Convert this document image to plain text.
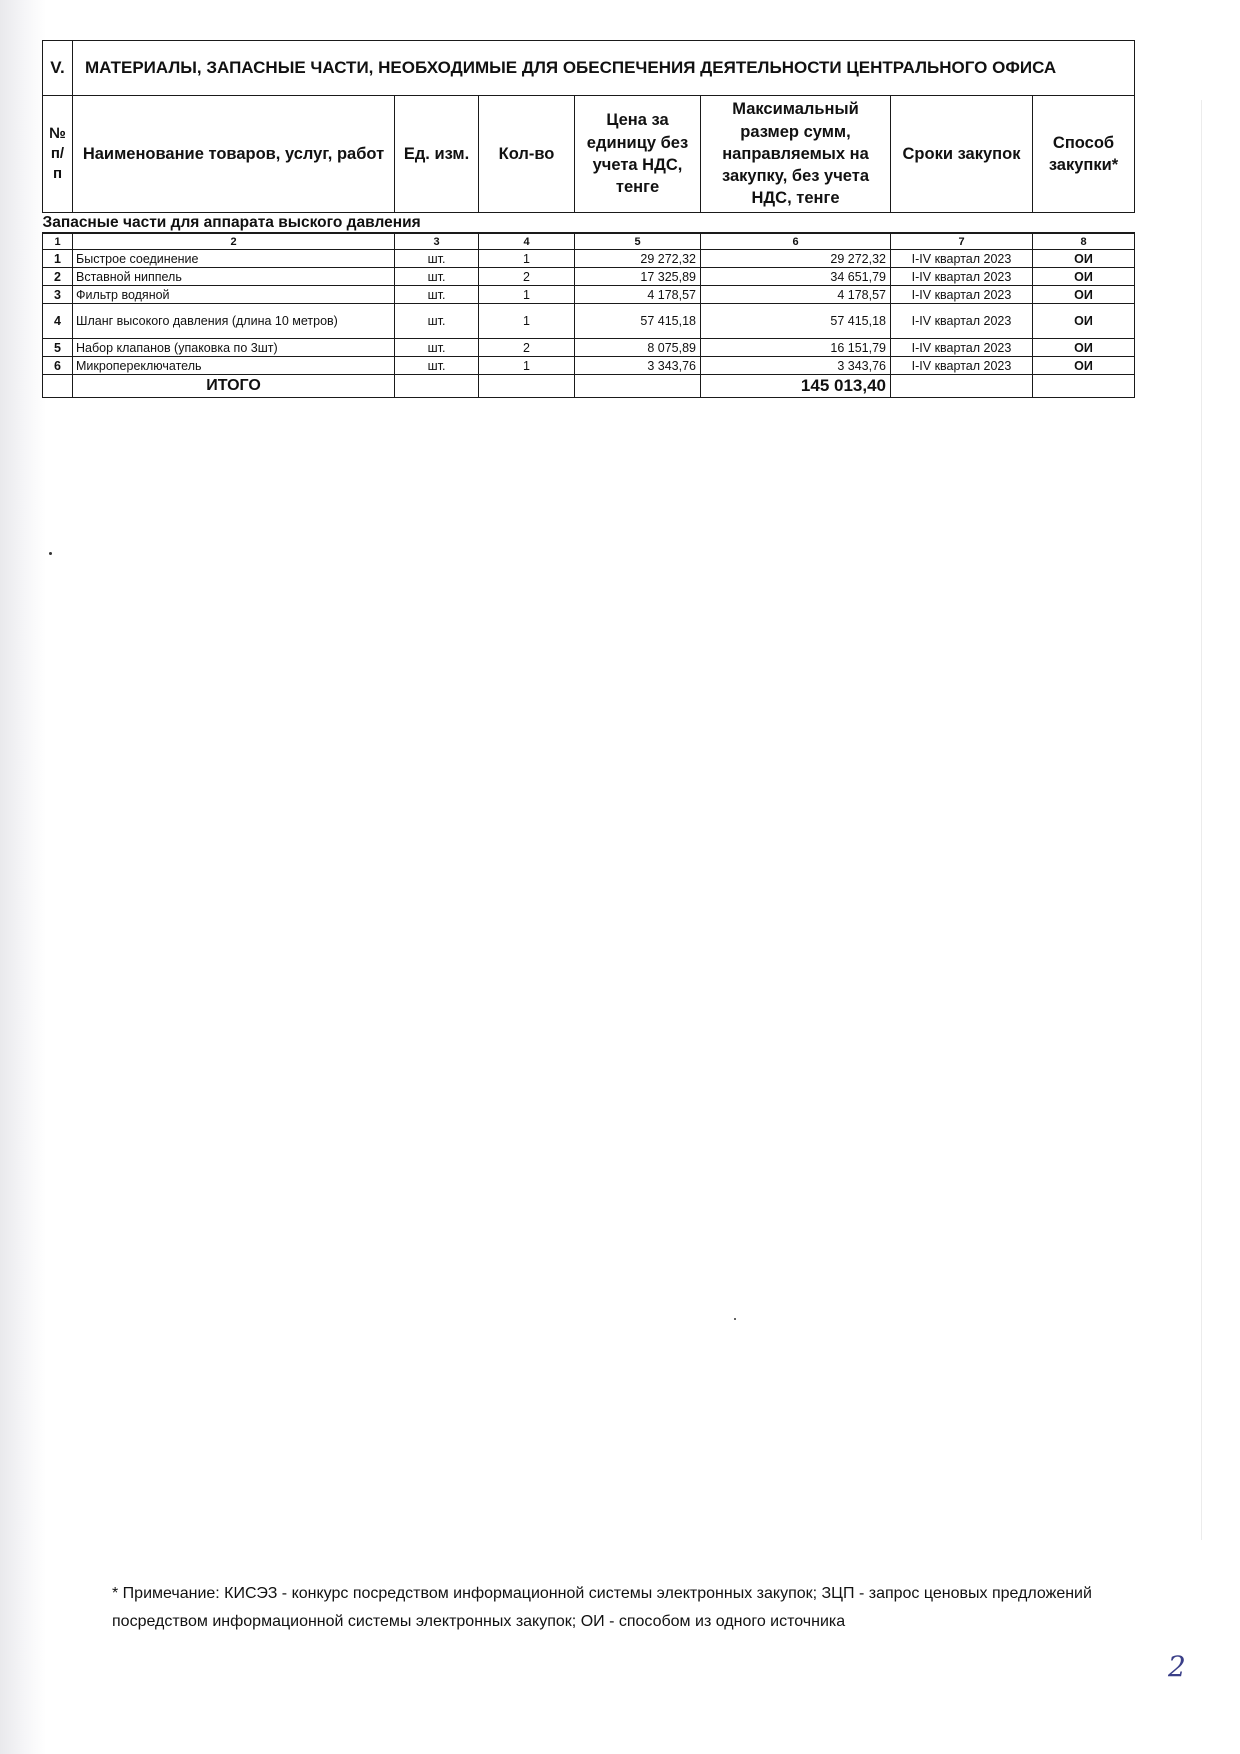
V.	МАТЕРИАЛЫ, ЗАПАСНЫЕ ЧАСТИ, НЕОБХОДИМЫЕ ДЛЯ ОБЕСПЕЧЕНИЯ ДЕЯТЕЛЬНОСТИ ЦЕНТРАЛЬНОГО ОФИСА						
№ п/п	Наименование товаров, услуг, работ	Ед. изм.	Кол-во	Цена за единицу без учета НДС, тенге	Максимальный размер сумм, направляемых на закупку, без учета НДС, тенге	Сроки закупок	Способ закупки*
Запасные части для аппарата выского давления							
1	2	3	4	5	6	7	8
1	Быстрое соединение	шт.	1	29 272,32	29 272,32	I-IV квартал 2023	ОИ
2	Вставной ниппель	шт.	2	17 325,89	34 651,79	I-IV квартал 2023	ОИ
3	Фильтр водяной	шт.	1	4 178,57	4 178,57	I-IV квартал 2023	ОИ
4	Шланг высокого давления (длина 10 метров)	шт.	1	57 415,18	57 415,18	I-IV квартал 2023	ОИ
5	Набор клапанов (упаковка по 3шт)	шт.	2	8 075,89	16 151,79	I-IV квартал 2023	ОИ
6	Микропереключатель	шт.	1	3 343,76	3 343,76	I-IV квартал 2023	ОИ
	ИТОГО				145 013,40		
* Примечание: КИСЭЗ - конкурс посредством информационной системы электронных закупок; ЗЦП - запрос ценовых предложений посредством информационной системы электронных закупок; ОИ - способом из одного источника
2
